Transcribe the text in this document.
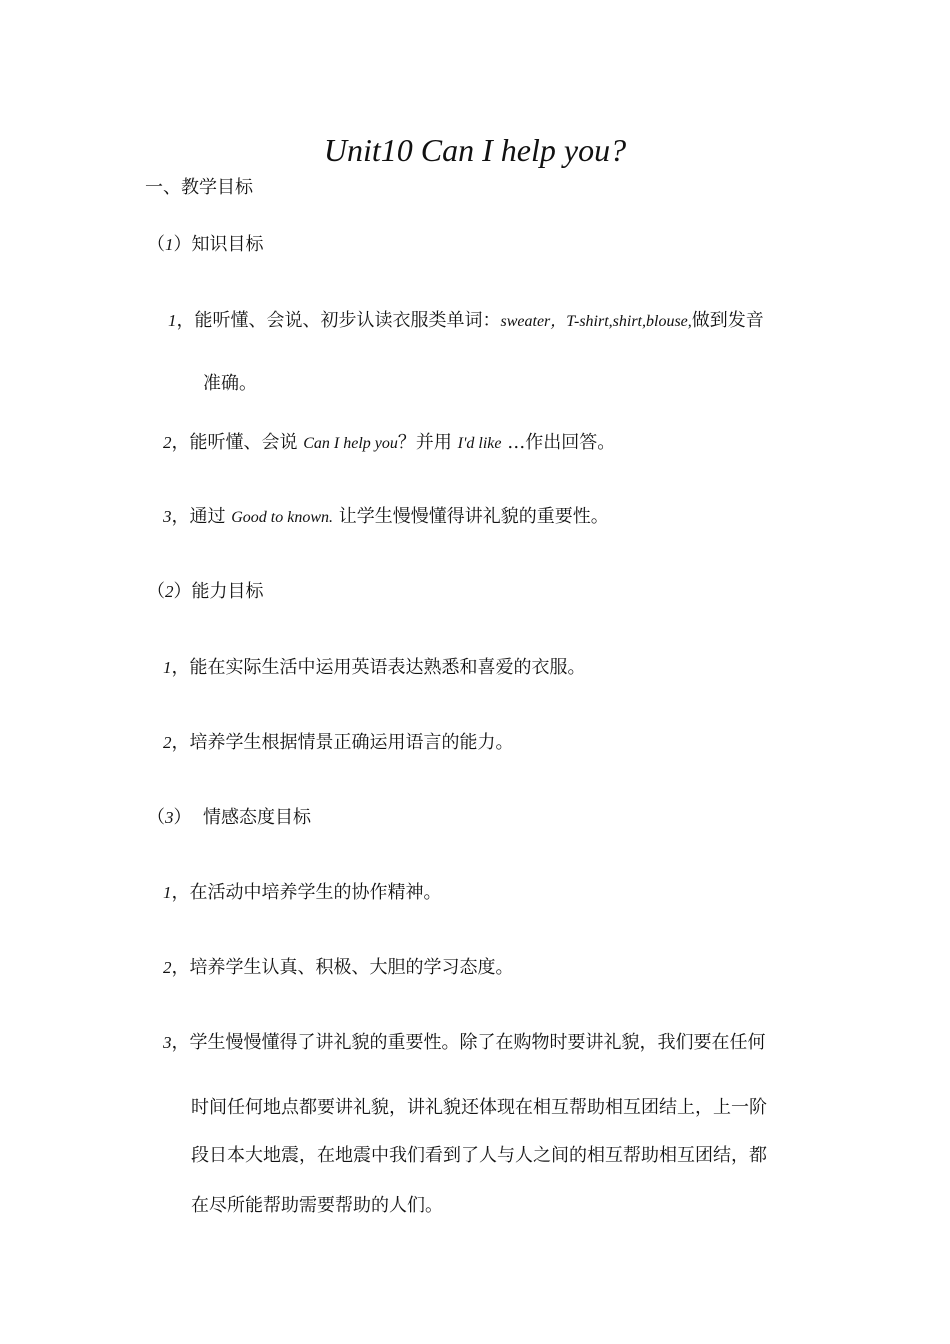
Unit10 Can I help you?
一、教学目标
（1）知识目标
1，能听懂、会说、初步认读衣服类单词：sweater，T-shirt,shirt,blouse,做到发音
准确。
2，能听懂、会说 Can I help you？并用 I'd like …作出回答。
3，通过 Good to known. 让学生慢慢懂得讲礼貌的重要性。
（2）能力目标
1，能在实际生活中运用英语表达熟悉和喜爱的衣服。
2，培养学生根据情景正确运用语言的能力。
（3）  情感态度目标
1，在活动中培养学生的协作精神。
2，培养学生认真、积极、大胆的学习态度。
3，学生慢慢懂得了讲礼貌的重要性。除了在购物时要讲礼貌，我们要在任何
时间任何地点都要讲礼貌，讲礼貌还体现在相互帮助相互团结上，上一阶
段日本大地震，在地震中我们看到了人与人之间的相互帮助相互团结，都
在尽所能帮助需要帮助的人们。
